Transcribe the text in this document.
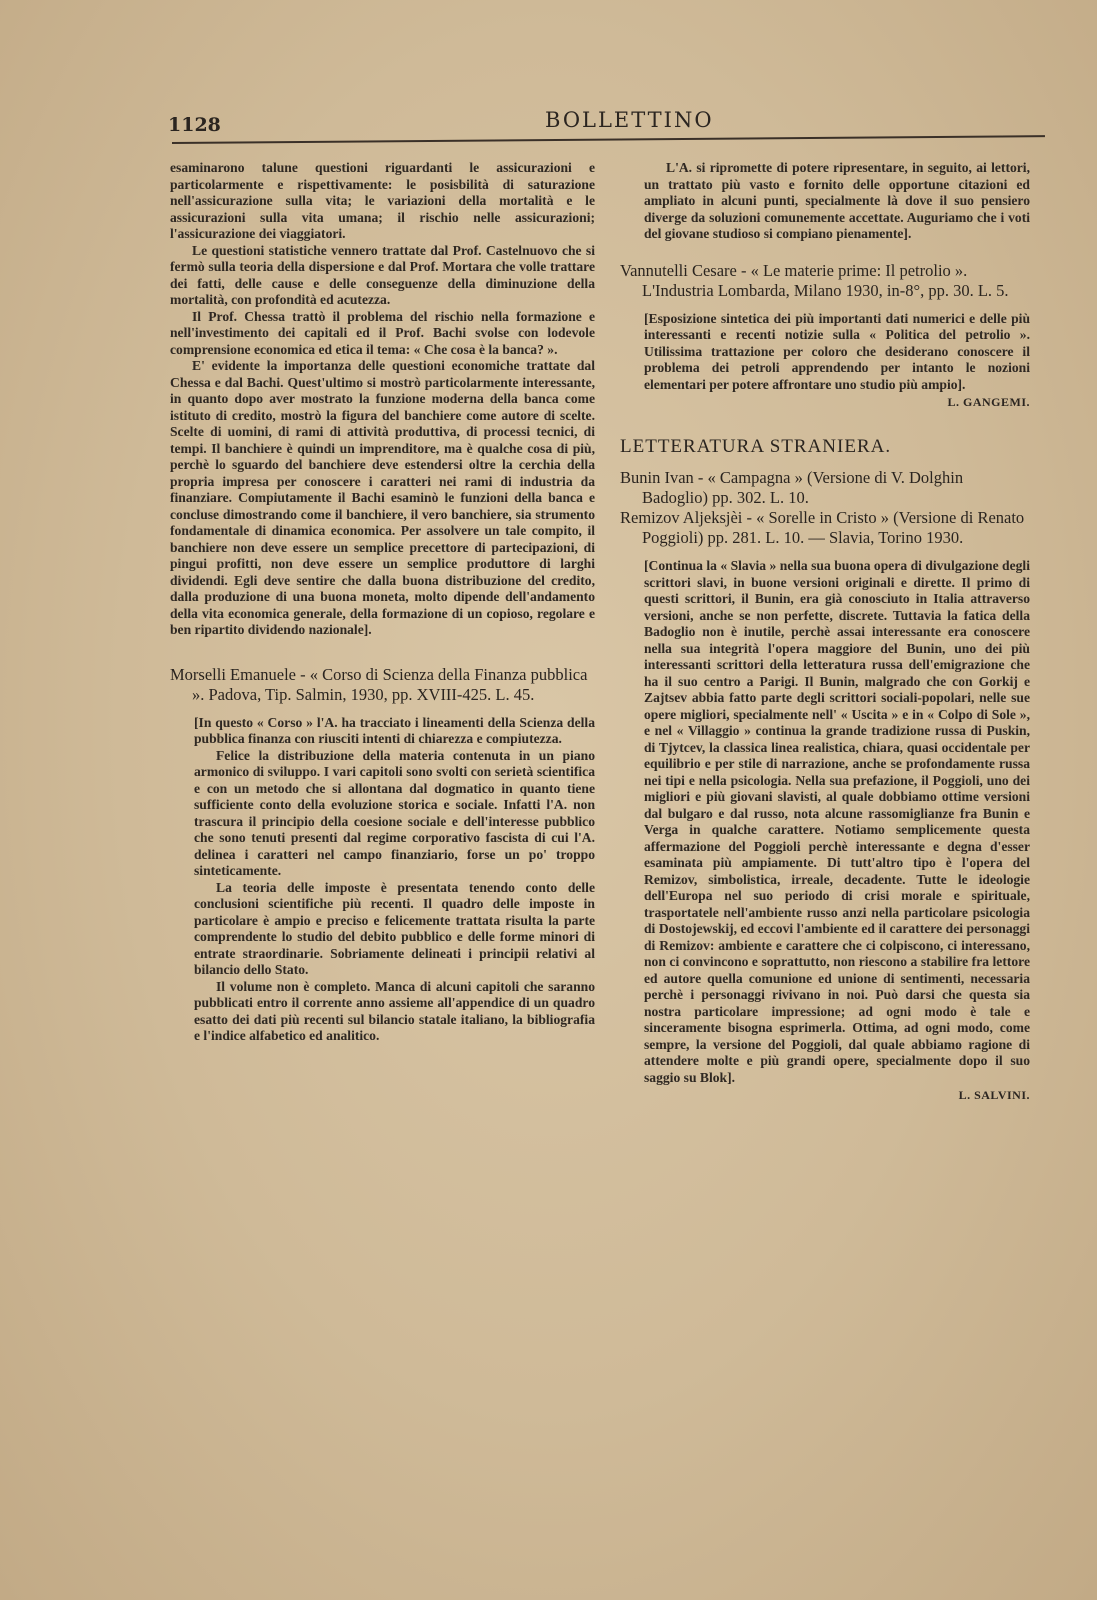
1128	BOLLETTINO

esaminarono talune questioni riguardanti le assicurazioni e particolarmente e rispettivamente: le posisbilità di saturazione nell'assicurazione sulla vita; le variazioni della mortalità e le assicurazioni sulla vita umana; il rischio nelle assicurazioni; l'assicurazione dei viaggiatori.

Le questioni statistiche vennero trattate dal Prof. Castelnuovo che si fermò sulla teoria della dispersione e dal Prof. Mortara che volle trattare dei fatti, delle cause e delle conseguenze della diminuzione della mortalità, con profondità ed acutezza.

Il Prof. Chessa trattò il problema del rischio nella formazione e nell'investimento dei capitali ed il Prof. Bachi svolse con lodevole comprensione economica ed etica il tema: « Che cosa è la banca? ».

E' evidente la importanza delle questioni economiche trattate dal Chessa e dal Bachi. Quest'ultimo si mostrò particolarmente interessante, in quanto dopo aver mostrato la funzione moderna della banca come istituto di credito, mostrò la figura del banchiere come autore di scelte. Scelte di uomini, di rami di attività produttiva, di processi tecnici, di tempi. Il banchiere è quindi un imprenditore, ma è qualche cosa di più, perchè lo sguardo del banchiere deve estendersi oltre la cerchia della propria impresa per conoscere i caratteri nei rami di industria da finanziare. Compiutamente il Bachi esaminò le funzioni della banca e concluse dimostrando come il banchiere, il vero banchiere, sia strumento fondamentale di dinamica economica. Per assolvere un tale compito, il banchiere non deve essere un semplice precettore di partecipazioni, di pingui profitti, non deve essere un semplice produttore di larghi dividendi. Egli deve sentire che dalla buona distribuzione del credito, dalla produzione di una buona moneta, molto dipende dell'andamento della vita economica generale, della formazione di un copioso, regolare e ben ripartito dividendo nazionale].

Morselli Emanuele - « Corso di Scienza della Finanza pubblica ». Padova, Tip. Salmin, 1930, pp. XVIII-425. L. 45.

[In questo « Corso » l'A. ha tracciato i lineamenti della Scienza della pubblica finanza con riusciti intenti di chiarezza e compiutezza.

Felice la distribuzione della materia contenuta in un piano armonico di sviluppo. I vari capitoli sono svolti con serietà scientifica e con un metodo che si allontana dal dogmatico in quanto tiene sufficiente conto della evoluzione storica e sociale. Infatti l'A. non trascura il principio della coesione sociale e dell'interesse pubblico che sono tenuti presenti dal regime corporativo fascista di cui l'A. delinea i caratteri nel campo finanziario, forse un po' troppo sinteticamente.

La teoria delle imposte è presentata tenendo conto delle conclusioni scientifiche più recenti. Il quadro delle imposte in particolare è ampio e preciso e felicemente trattata risulta la parte comprendente lo studio del debito pubblico e delle forme minori di entrate straordinarie. Sobriamente delineati i principii relativi al bilancio dello Stato.

Il volume non è completo. Manca di alcuni capitoli che saranno pubblicati entro il corrente anno assieme all'appendice di un quadro esatto dei dati più recenti sul bilancio statale italiano, la bibliografia e l'indice alfabetico ed analitico.

L'A. si ripromette di potere ripresentare, in seguito, ai lettori, un trattato più vasto e fornito delle opportune citazioni ed ampliato in alcuni punti, specialmente là dove il suo pensiero diverge da soluzioni comunemente accettate. Auguriamo che i voti del giovane studioso si compiano pienamente].

Vannutelli Cesare - « Le materie prime: Il petrolio ». L'Industria Lombarda, Milano 1930, in-8°, pp. 30. L. 5.

[Esposizione sintetica dei più importanti dati numerici e delle più interessanti e recenti notizie sulla « Politica del petrolio ». Utilissima trattazione per coloro che desiderano conoscere il problema dei petroli apprendendo per intanto le nozioni elementari per potere affrontare uno studio più ampio].

L. GANGEMI.

LETTERATURA STRANIERA.

Bunin Ivan - « Campagna » (Versione di V. Dolghin Badoglio) pp. 302. L. 10.

Remizov Aljeksjèi - « Sorelle in Cristo » (Versione di Renato Poggioli) pp. 281. L. 10. — Slavia, Torino 1930.

[Continua la « Slavia » nella sua buona opera di divulgazione degli scrittori slavi, in buone versioni originali e dirette. Il primo di questi scrittori, il Bunin, era già conosciuto in Italia attraverso versioni, anche se non perfette, discrete. Tuttavia la fatica della Badoglio non è inutile, perchè assai interessante era conoscere nella sua integrità l'opera maggiore del Bunin, uno dei più interessanti scrittori della letteratura russa dell'emigrazione che ha il suo centro a Parigi. Il Bunin, malgrado che con Gorkij e Zajtsev abbia fatto parte degli scrittori sociali-popolari, nelle sue opere migliori, specialmente nell' « Uscita » e in « Colpo di Sole », e nel « Villaggio » continua la grande tradizione russa di Puskin, di Tjytcev, la classica linea realistica, chiara, quasi occidentale per equilibrio e per stile di narrazione, anche se profondamente russa nei tipi e nella psicologia. Nella sua prefazione, il Poggioli, uno dei migliori e più giovani slavisti, al quale dobbiamo ottime versioni dal bulgaro e dal russo, nota alcune rassomiglianze fra Bunin e Verga in qualche carattere. Notiamo semplicemente questa affermazione del Poggioli perchè interessante e degna d'esser esaminata più ampiamente. Di tutt'altro tipo è l'opera del Remizov, simbolistica, irreale, decadente. Tutte le ideologie dell'Europa nel suo periodo di crisi morale e spirituale, trasportatele nell'ambiente russo anzi nella particolare psicologia di Dostojewskij, ed eccovi l'ambiente ed il carattere dei personaggi di Remizov: ambiente e carattere che ci colpiscono, ci interessano, non ci convincono e soprattutto, non riescono a stabilire fra lettore ed autore quella comunione ed unione di sentimenti, necessaria perchè i personaggi rivivano in noi. Può darsi che questa sia nostra particolare impressione; ad ogni modo è tale e sinceramente bisogna esprimerla. Ottima, ad ogni modo, come sempre, la versione del Poggioli, dal quale abbiamo ragione di attendere molte e più grandi opere, specialmente dopo il suo saggio su Blok].

L. SALVINI.
